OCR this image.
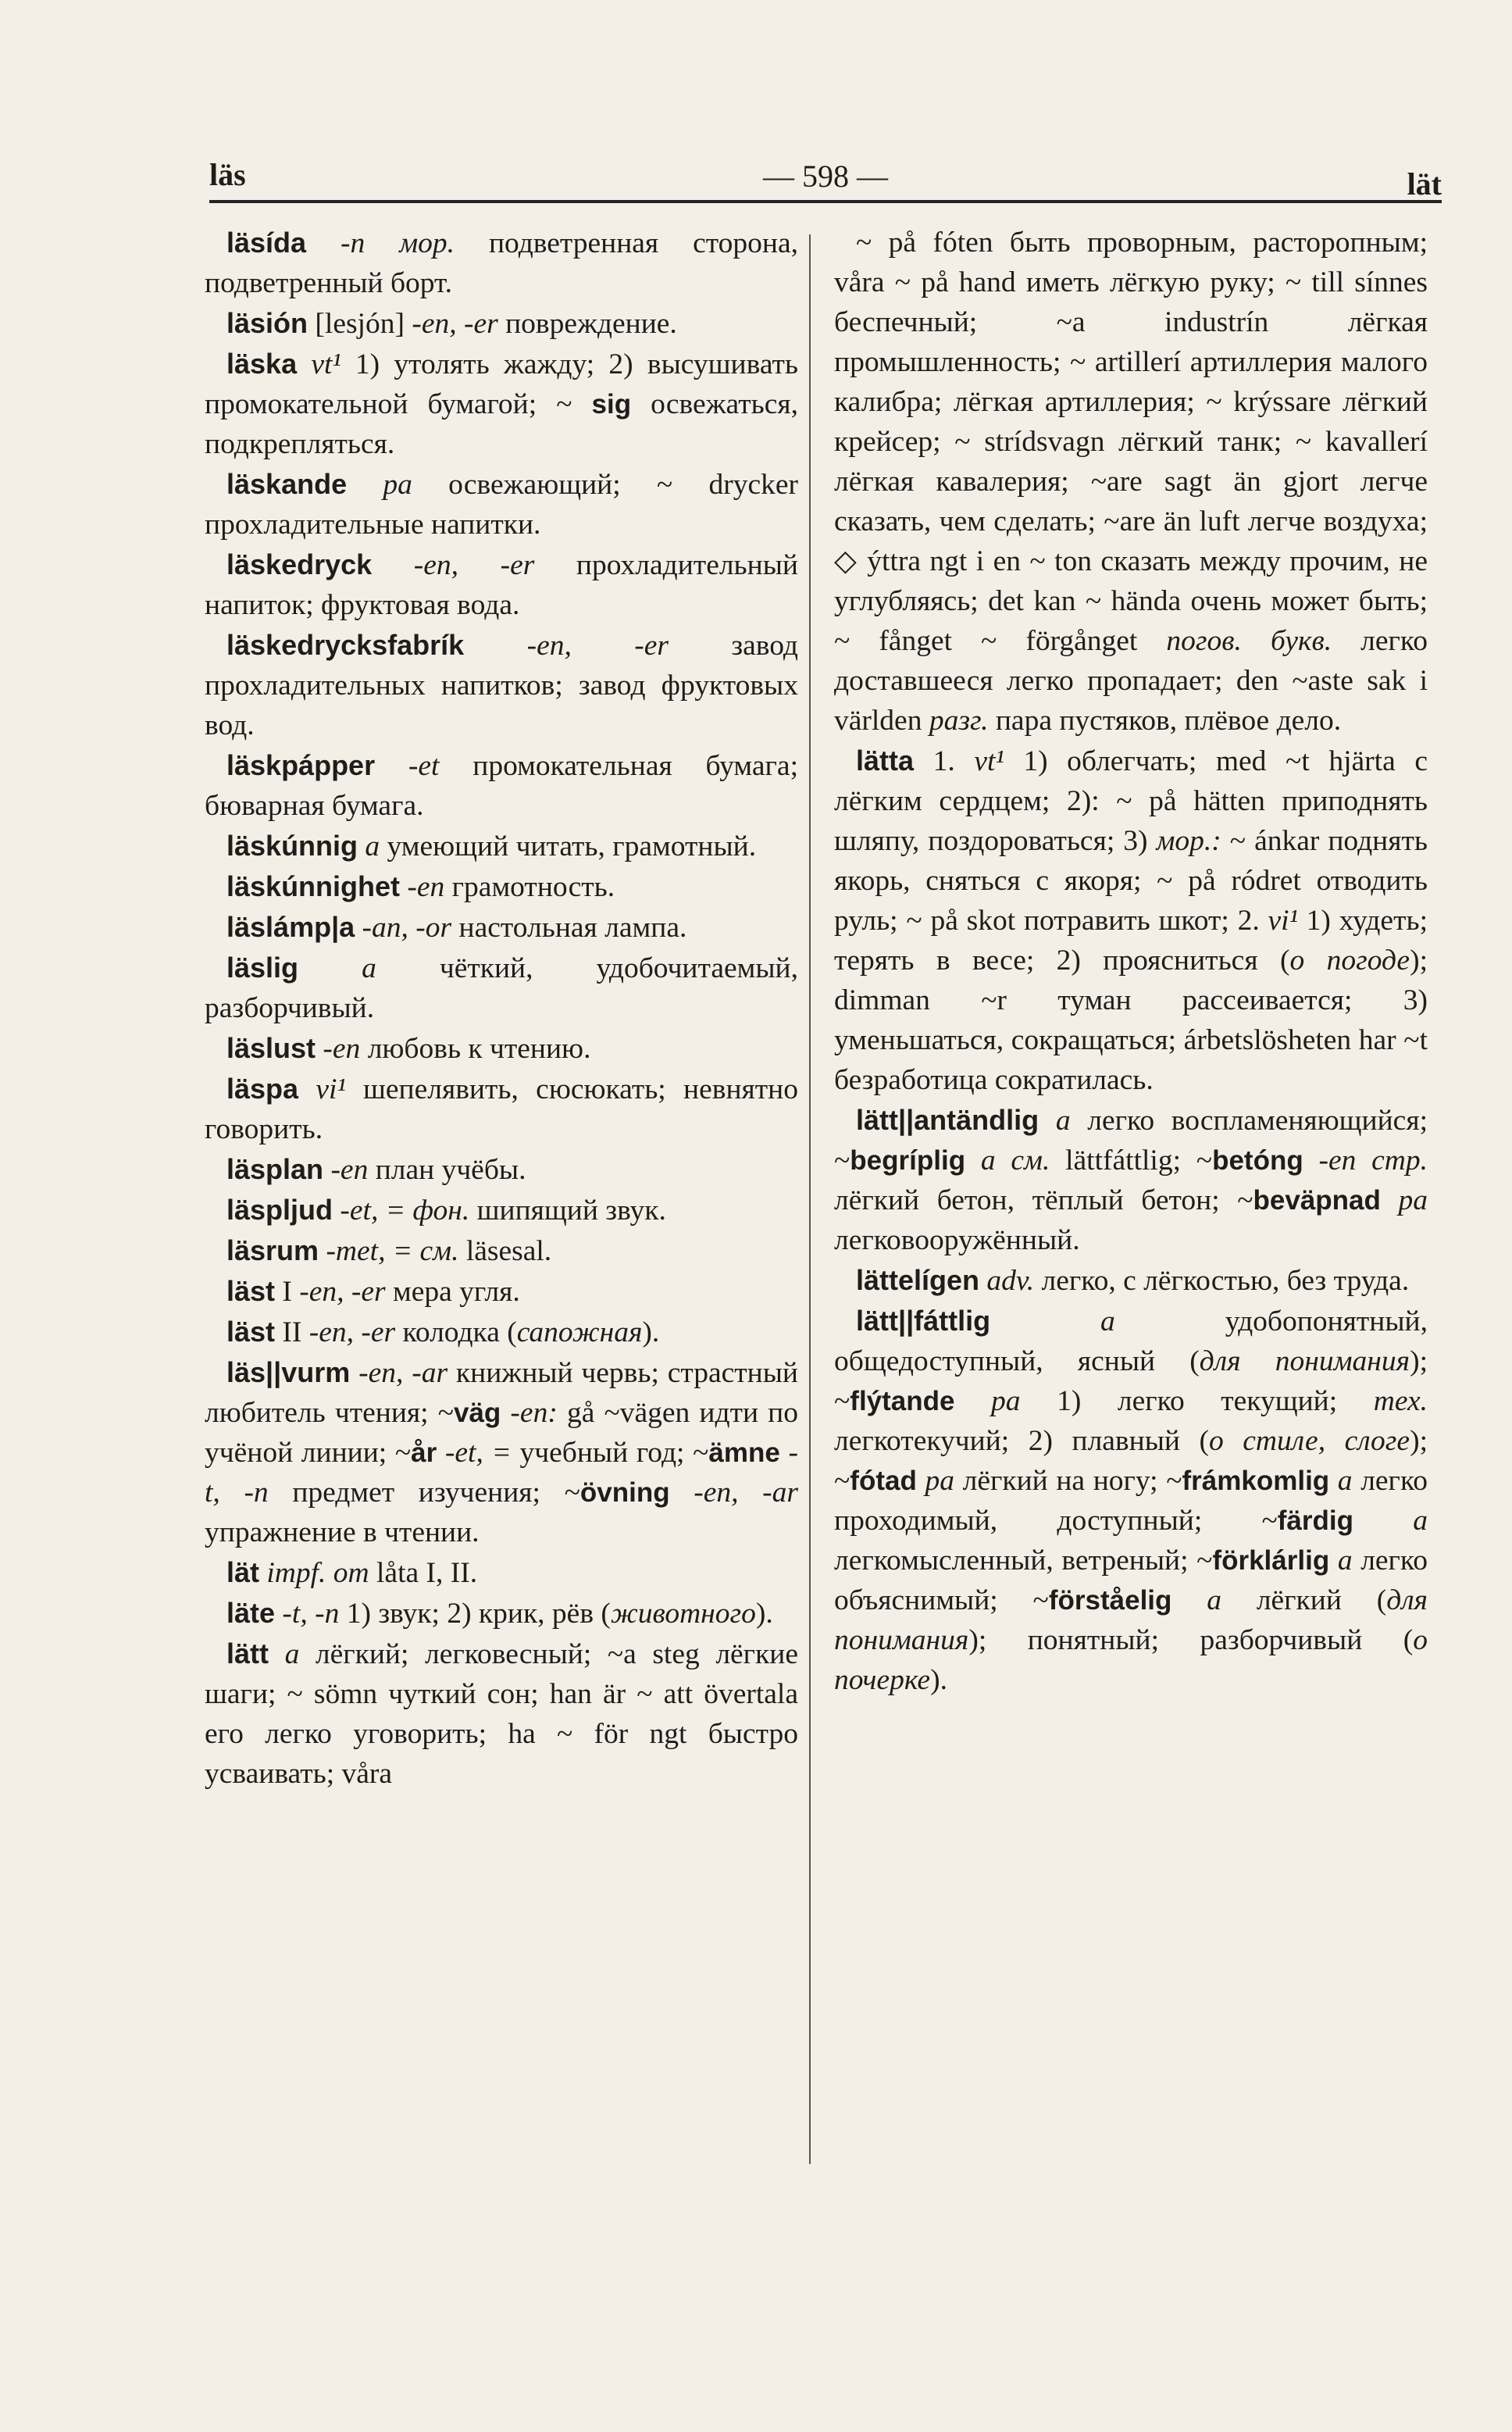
läs	— 598 —	lät

läsída -n мор. подветренная сторона, подветренный борт.

läsión [lesjón] -en, -er повреждение.

läska vt¹ 1) утолять жажду; 2) высушивать промокательной бумагой; ~ sig освежаться, подкрепляться.

läskande pa освежающий; ~ drycker прохладительные напитки.

läskedryck -en, -er прохладительный напиток; фруктовая вода.

läskedrycksfabrík -en, -er завод прохладительных напитков; завод фруктовых вод.

läskpápper -et промокательная бумага; бюварная бумага.

läskúnnig a умеющий читать, грамотный.

läskúnnighet -en грамотность.

läslámp|a -an, -or настольная лампа.

läslig a чёткий, удобочитаемый, разборчивый.

läslust -en любовь к чтению.

läspa vi¹ шепелявить, сюсюкать; невнятно говорить.

läsplan -en план учёбы.

läspljud -et, = фон. шипящий звук.

läsrum -met, = см. läsesal.

läst I -en, -er мера угля.

läst II -en, -er колодка (сапожная).

läs||vurm -en, -ar книжный червь; страстный любитель чтения; ~väg -en: gå ~vägen идти по учёной линии; ~år -et, = учебный год; ~ämne -t, -n предмет изучения; ~övning -en, -ar упражнение в чтении.

lät impf. om låta I, II.

läte -t, -n 1) звук; 2) крик, рёв (животного).

lätt a лёгкий; легковесный; ~a steg лёгкие шаги; ~ sömn чуткий сон; han är ~ att övertala его легко уговорить; ha ~ för ngt быстро усваивать; våra

~ på fóten быть проворным, расторопным; våra ~ på hand иметь лёгкую руку; ~ till sínnes беспечный; ~a industrín лёгкая промышленность; ~ artillerí артиллерия малого калибра; лёгкая артиллерия; ~ krýssare лёгкий крейсер; ~ strídsvagn лёгкий танк; ~ kavallerí лёгкая кавалерия; ~are sagt än gjort легче сказать, чем сделать; ~are än luft легче воздуха; ◇ ýttra ngt i en ~ ton сказать между прочим, не углубляясь; det kan ~ hända очень может быть; ~ fånget ~ förgånget погов. букв. легко доставшееся легко пропадает; den ~aste sak i världen разг. пара пустяков, плёвое дело.

lätta 1. vt¹ 1) облегчать; med ~t hjärta с лёгким сердцем; 2): ~ på hätten приподнять шляпу, поздороваться; 3) мор.: ~ ánkar поднять якорь, сняться с якоря; ~ på ródret отводить руль; ~ på skot потравить шкот; 2. vi¹ 1) худеть; терять в весе; 2) проясниться (о погоде); dimman ~r туман рассеивается; 3) уменьшаться, сокращаться; árbetslösheten har ~t безработица сократилась.

lätt||antändlig a легко воспламеняющийся; ~begríplig a см. lättfáttlig; ~betóng -en стр. лёгкий бетон, тёплый бетон; ~beväpnad pa легковооружённый.

lättelígen adv. легко, с лёгкостью, без труда.

lätt||fáttlig a удобопонятный, общедоступный, ясный (для понимания); ~flýtande pa 1) легко текущий; тех. легкотекучий; 2) плавный (о стиле, слоге); ~fótad pa лёгкий на ногу; ~frámkomlig a легко проходимый, доступный; ~färdig a легкомысленный, ветреный; ~förklárlig a легко объяснимый; ~förståelig a лёгкий (для понимания); понятный; разборчивый (о почерке).
